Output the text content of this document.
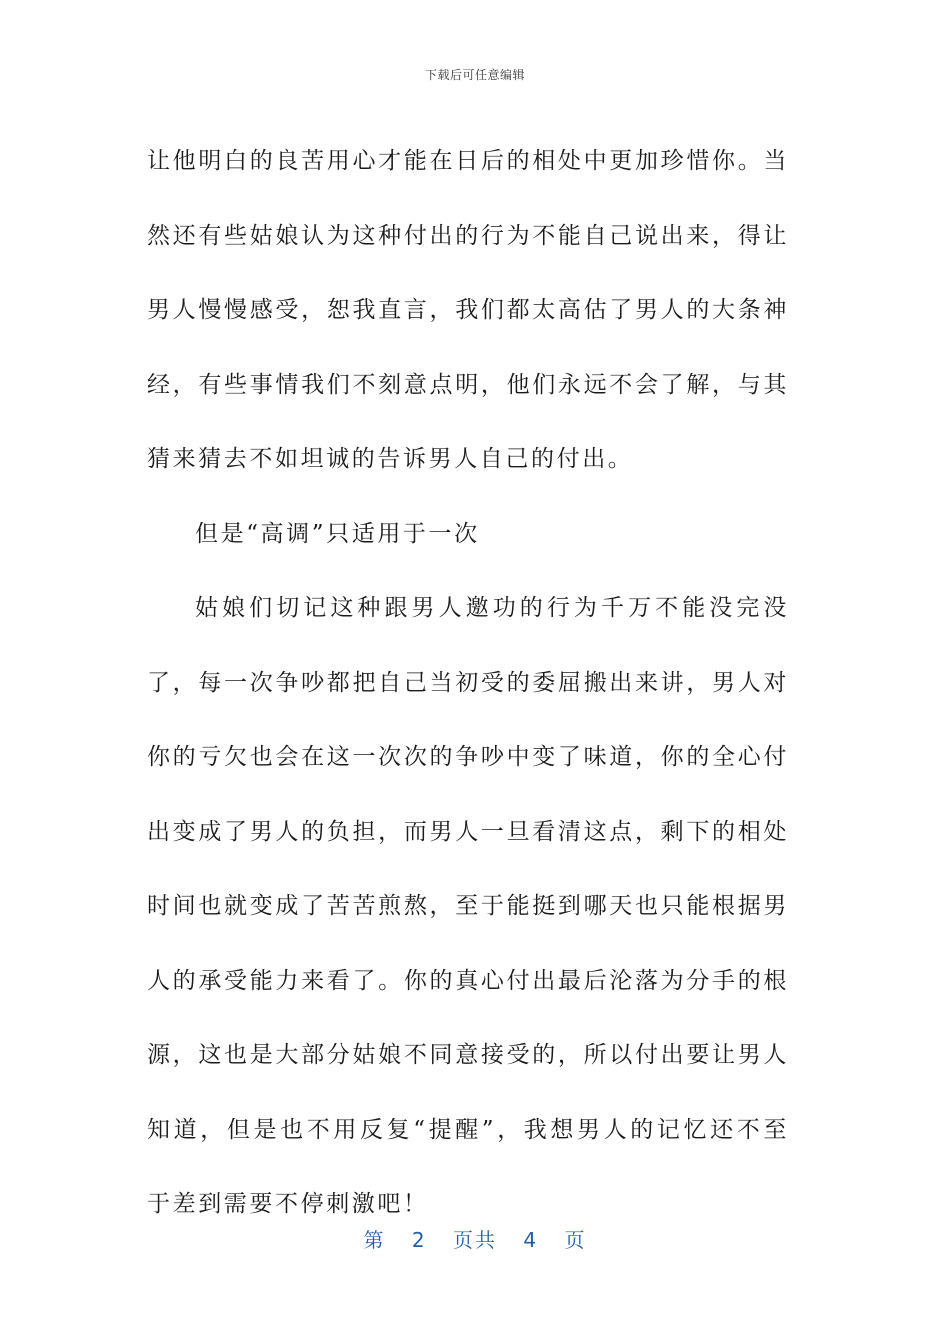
下载后可任意编辑

让他明白的良苦用心才能在日后的相处中更加珍惜你。当然还有些姑娘认为这种付出的行为不能自己说出来，得让男人慢慢感受，恕我直言，我们都太高估了男人的大条神经，有些事情我们不刻意点明，他们永远不会了解，与其猜来猜去不如坦诚的告诉男人自己的付出。

但是“高调”只适用于一次

姑娘们切记这种跟男人邀功的行为千万不能没完没了，每一次争吵都把自己当初受的委屈搬出来讲，男人对你的亏欠也会在这一次次的争吵中变了味道，你的全心付出变成了男人的负担，而男人一旦看清这点，剩下的相处时间也就变成了苦苦煎熬，至于能挺到哪天也只能根据男人的承受能力来看了。你的真心付出最后沦落为分手的根源，这也是大部分姑娘不同意接受的，所以付出要让男人知道，但是也不用反复“提醒”，我想男人的记忆还不至于差到需要不停刺激吧！

第 2 页共 4 页
